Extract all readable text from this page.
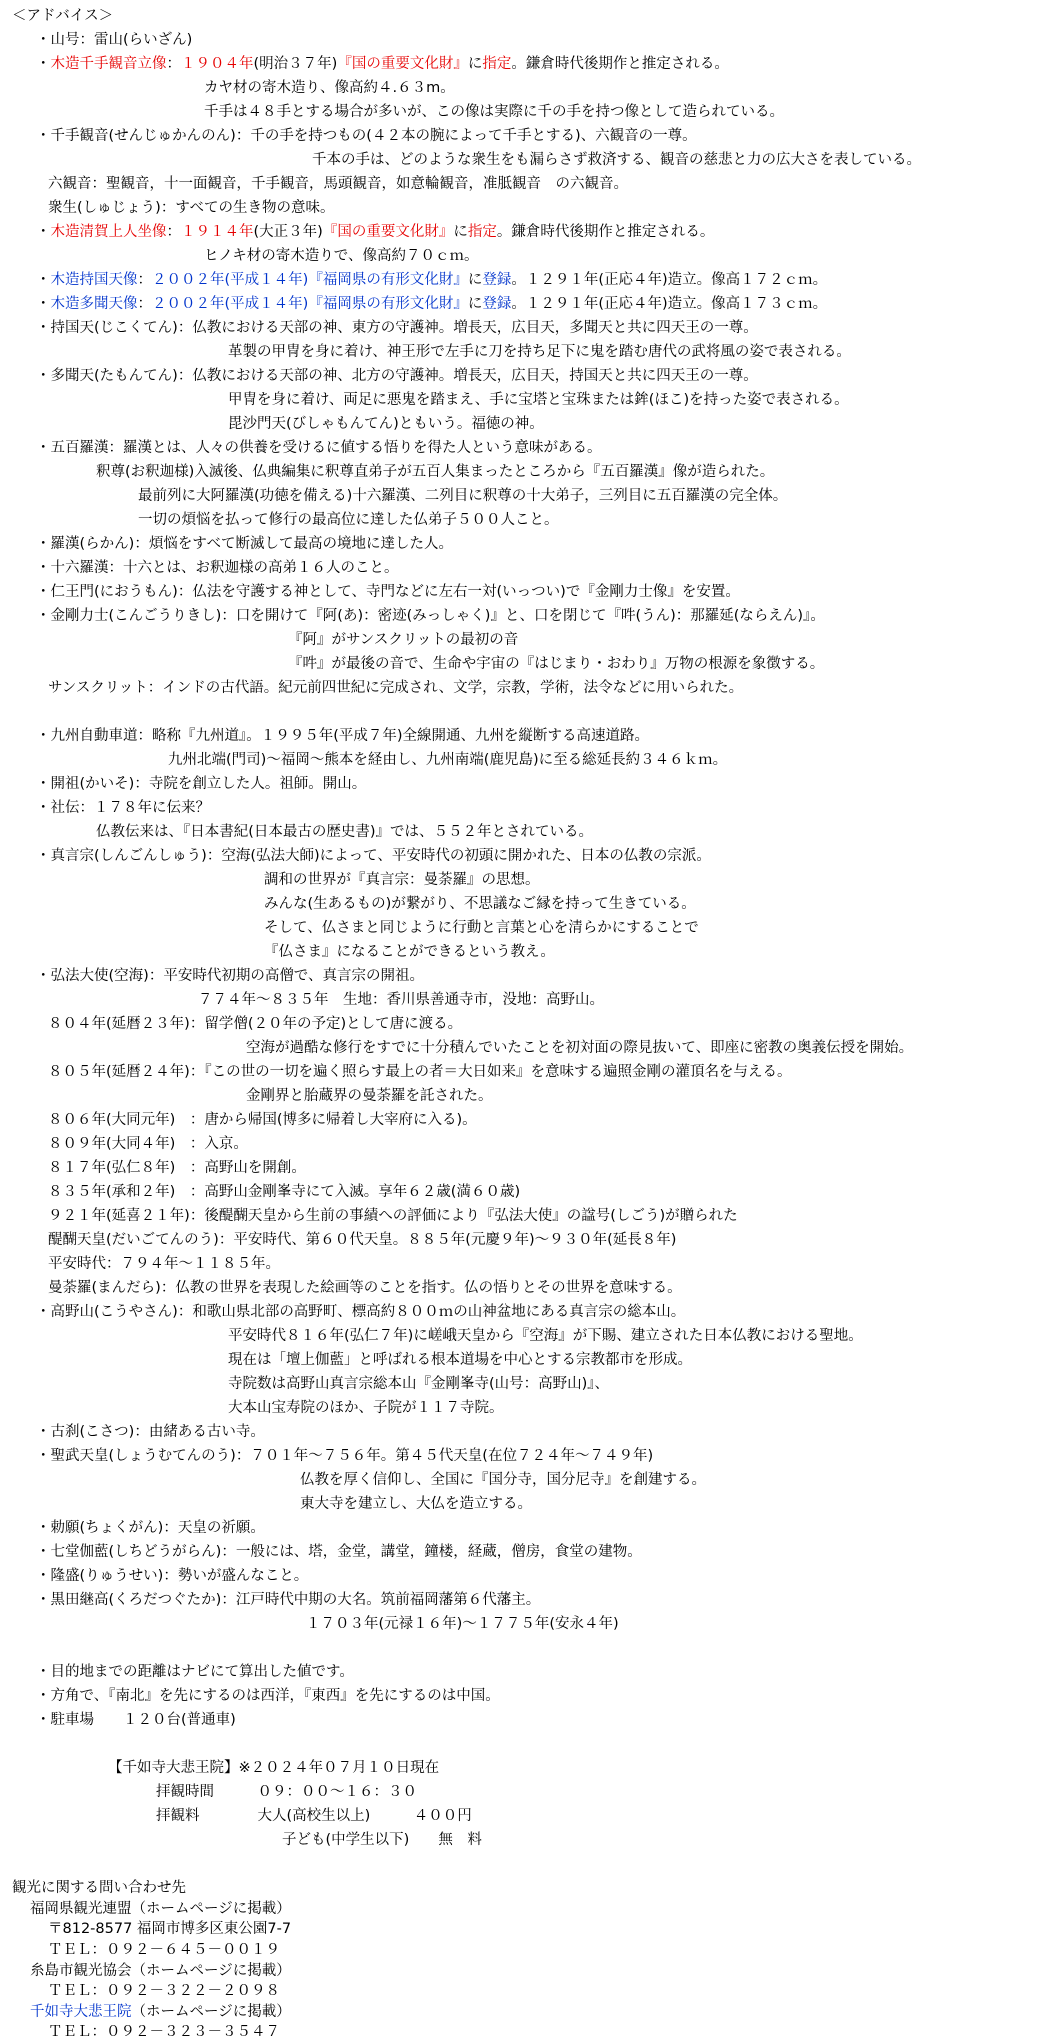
＜アドバイス＞
・山号：雷山(らいざん)
・木造千手観音立像：１９０４年(明治３７年)『国の重要文化財』に指定。鎌倉時代後期作と推定される。
カヤ材の寄木造り、像高約４.６３m。
千手は４８手とする場合が多いが、この像は実際に千の手を持つ像として造られている。
・千手観音(せんじゅかんのん)：千の手を持つもの(４２本の腕によって千手とする)、六観音の一尊。
千本の手は、どのような衆生をも漏らさず救済する、観音の慈悲と力の広大さを表している。
六観音：聖観音，十一面観音，千手観音，馬頭観音，如意輪観音，准胝観音　の六観音。
衆生(しゅじょう)：すべての生き物の意味。
・木造清賀上人坐像：１９１４年(大正３年)『国の重要文化財』に指定。鎌倉時代後期作と推定される。
ヒノキ材の寄木造りで、像高約７０ｃｍ。
・木造持国天像：２００２年(平成１４年)『福岡県の有形文化財』に登録。１２９１年(正応４年)造立。像高１７２ｃｍ。
・木造多聞天像：２００２年(平成１４年)『福岡県の有形文化財』に登録。１２９１年(正応４年)造立。像高１７３ｃｍ。
・持国天(じこくてん)：仏教における天部の神、東方の守護神。増長天，広目天，多聞天と共に四天王の一尊。
革製の甲冑を身に着け、神王形で左手に刀を持ち足下に鬼を踏む唐代の武将風の姿で表される。
・多聞天(たもんてん)：仏教における天部の神、北方の守護神。増長天，広目天，持国天と共に四天王の一尊。
甲冑を身に着け、両足に悪鬼を踏まえ、手に宝塔と宝珠または鉾(ほこ)を持った姿で表される。
毘沙門天(びしゃもんてん)ともいう。福徳の神。
・五百羅漢：羅漢とは、人々の供養を受けるに値する悟りを得た人という意味がある。
釈尊(お釈迦様)入滅後、仏典編集に釈尊直弟子が五百人集まったところから『五百羅漢』像が造られた。
最前列に大阿羅漢(功徳を備える)十六羅漢、二列目に釈尊の十大弟子，三列目に五百羅漢の完全体。
一切の煩悩を払って修行の最高位に達した仏弟子５００人こと。
・羅漢(らかん)：煩悩をすべて断滅して最高の境地に達した人。
・十六羅漢：十六とは、お釈迦様の高弟１６人のこと。
・仁王門(におうもん)：仏法を守護する神として、寺門などに左右一対(いっつい)で『金剛力士像』を安置。
・金剛力士(こんごうりきし)：口を開けて『阿(あ)：密迹(みっしゃく)』と、口を閉じて『吽(うん)：那羅延(ならえん)』。
『阿』がサンスクリットの最初の音
『吽』が最後の音で、生命や宇宙の『はじまり・おわり』万物の根源を象徴する。
サンスクリット：インドの古代語。紀元前四世紀に完成され、文学，宗教，学術，法令などに用いられた。
・九州自動車道：略称『九州道』。１９９５年(平成７年)全線開通、九州を縦断する高速道路。
九州北端(門司)～福岡～熊本を経由し、九州南端(鹿児島)に至る総延長約３４６ｋｍ。
・開祖(かいそ)：寺院を創立した人。祖師。開山。
・社伝：１７８年に伝来？
仏教伝来は、『日本書紀(日本最古の歴史書)』では、５５２年とされている。
・真言宗(しんごんしゅう)：空海(弘法大師)によって、平安時代の初頭に開かれた、日本の仏教の宗派。
調和の世界が『真言宗：曼荼羅』の思想。
みんな(生あるもの)が繋がり、不思議なご縁を持って生きている。
そして、仏さまと同じように行動と言葉と心を清らかにすることで
『仏さま』になることができるという教え。
・弘法大使(空海)：平安時代初期の高僧で、真言宗の開祖。
７７４年～８３５年　生地：香川県善通寺市，没地：高野山。
８０４年(延暦２３年)：留学僧(２０年の予定)として唐に渡る。
空海が過酷な修行をすでに十分積んでいたことを初対面の際見抜いて、即座に密教の奥義伝授を開始。
８０５年(延暦２４年)：『この世の一切を遍く照らす最上の者＝大日如来』を意味する遍照金剛の灌頂名を与える。
金剛界と胎蔵界の曼荼羅を託された。
８０６年(大同元年)　：唐から帰国(博多に帰着し大宰府に入る)。
８０９年(大同４年)　：入京。
８１７年(弘仁８年)　：高野山を開創。
８３５年(承和２年)　：高野山金剛峯寺にて入滅。享年６２歳(満６０歳)
９２１年(延喜２１年)：後醍醐天皇から生前の事績への評価により『弘法大使』の諡号(しごう)が贈られた
醍醐天皇(だいごてんのう)：平安時代、第６０代天皇。８８５年(元慶９年)～９３０年(延長８年)
平安時代：７９４年～１１８５年。
曼荼羅(まんだら)：仏教の世界を表現した絵画等のことを指す。仏の悟りとその世界を意味する。
・高野山(こうやさん)：和歌山県北部の高野町、標高約８００ｍの山神盆地にある真言宗の総本山。
平安時代８１６年(弘仁７年)に嵯峨天皇から『空海』が下賜、建立された日本仏教における聖地。
現在は「壇上伽藍」と呼ばれる根本道場を中心とする宗教都市を形成。
寺院数は高野山真言宗総本山『金剛峯寺(山号：高野山)』、
大本山宝寿院のほか、子院が１１７寺院。
・古刹(こさつ)：由緒ある古い寺。
・聖武天皇(しょうむてんのう)：７０１年～７５６年。第４５代天皇(在位７２４年～７４９年)
仏教を厚く信仰し、全国に『国分寺，国分尼寺』を創建する。
東大寺を建立し、大仏を造立する。
・勅願(ちょくがん)：天皇の祈願。
・七堂伽藍(しちどうがらん)：一般には、塔，金堂，講堂，鐘楼，経蔵，僧房，食堂の建物。
・隆盛(りゅうせい)：勢いが盛んなこと。
・黒田継高(くろだつぐたか)：江戸時代中期の大名。筑前福岡藩第６代藩主。
１７０３年(元禄１６年)～１７７５年(安永４年)
・目的地までの距離はナビにて算出した値です。
・方角で、『南北』を先にするのは西洋，『東西』を先にするのは中国。
・駐車場　　１２０台(普通車)
【千如寺大悲王院】※２０２４年０７月１０日現在
拝観時間　　　０９：００～１６：３０
拝観料　　　　大人(高校生以上)　　　４００円
子ども(中学生以下)　　無　料
観光に関する問い合わせ先
福岡県観光連盟（ホームページに掲載）
〒812-8577 福岡市博多区東公園7-7
ＴＥＬ：０９２－６４５－００１９
糸島市観光協会（ホームページに掲載）
ＴＥＬ：０９２－３２２－２０９８
千如寺大悲王院（ホームページに掲載）
ＴＥＬ：０９２－３２３－３５４７
